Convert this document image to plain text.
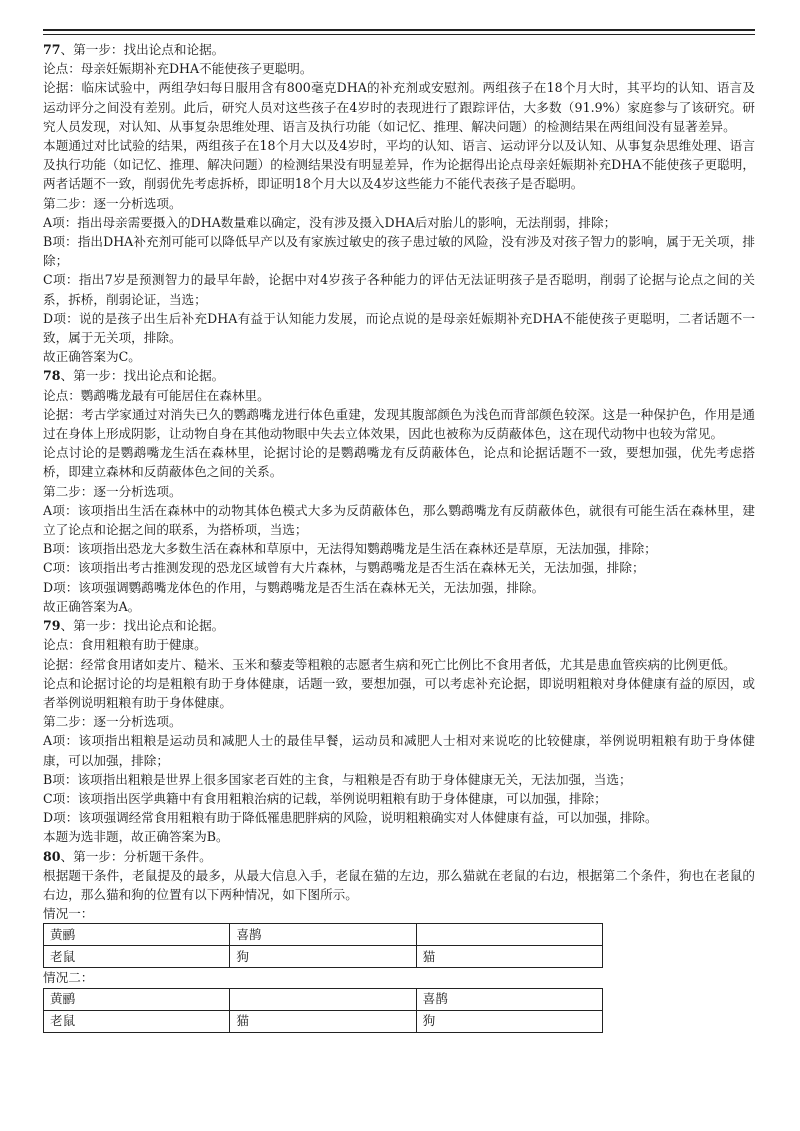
77、第一步：找出论点和论据。

论点：母亲妊娠期补充DHA不能使孩子更聪明。

论据：临床试验中，两组孕妇每日服用含有800毫克DHA的补充剂或安慰剂。两组孩子在18个月大时，其平均的认知、语言及运动评分之间没有差别。此后，研究人员对这些孩子在4岁时的表现进行了跟踪评估，大多数（91.9%）家庭参与了该研究。研究人员发现，对认知、从事复杂思维处理、语言及执行功能（如记忆、推理、解决问题）的检测结果在两组间没有显著差异。

本题通过对比试验的结果，两组孩子在18个月大以及4岁时，平均的认知、语言、运动评分以及认知、从事复杂思维处理、语言及执行功能（如记忆、推理、解决问题）的检测结果没有明显差异，作为论据得出论点母亲妊娠期补充DHA不能使孩子更聪明，两者话题不一致，削弱优先考虑拆桥，即证明18个月大以及4岁这些能力不能代表孩子是否聪明。

第二步：逐一分析选项。

A项：指出母亲需要摄入的DHA数量难以确定，没有涉及摄入DHA后对胎儿的影响，无法削弱，排除；

B项：指出DHA补充剂可能可以降低早产以及有家族过敏史的孩子患过敏的风险，没有涉及对孩子智力的影响，属于无关项，排除；

C项：指出7岁是预测智力的最早年龄，论据中对4岁孩子各种能力的评估无法证明孩子是否聪明，削弱了论据与论点之间的关系，拆桥，削弱论证，当选；

D项：说的是孩子出生后补充DHA有益于认知能力发展，而论点说的是母亲妊娠期补充DHA不能使孩子更聪明，二者话题不一致，属于无关项，排除。

故正确答案为C。

78、第一步：找出论点和论据。

论点：鹦鹉嘴龙最有可能居住在森林里。

论据：考古学家通过对消失已久的鹦鹉嘴龙进行体色重建，发现其腹部颜色为浅色而背部颜色较深。这是一种保护色，作用是通过在身体上形成阴影，让动物自身在其他动物眼中失去立体效果，因此也被称为反荫蔽体色，这在现代动物中也较为常见。

论点讨论的是鹦鹉嘴龙生活在森林里，论据讨论的是鹦鹉嘴龙有反荫蔽体色，论点和论据话题不一致，要想加强，优先考虑搭桥，即建立森林和反荫蔽体色之间的关系。

第二步：逐一分析选项。

A项：该项指出生活在森林中的动物其体色模式大多为反荫蔽体色，那么鹦鹉嘴龙有反荫蔽体色，就很有可能生活在森林里，建立了论点和论据之间的联系，为搭桥项，当选；

B项：该项指出恐龙大多数生活在森林和草原中，无法得知鹦鹉嘴龙是生活在森林还是草原，无法加强，排除；

C项：该项指出考古推测发现的恐龙区域曾有大片森林，与鹦鹉嘴龙是否生活在森林无关，无法加强，排除；

D项：该项强调鹦鹉嘴龙体色的作用，与鹦鹉嘴龙是否生活在森林无关，无法加强，排除。

故正确答案为A。

79、第一步：找出论点和论据。

论点：食用粗粮有助于健康。

论据：经常食用诸如麦片、糙米、玉米和藜麦等粗粮的志愿者生病和死亡比例比不食用者低，尤其是患血管疾病的比例更低。

论点和论据讨论的均是粗粮有助于身体健康，话题一致，要想加强，可以考虑补充论据，即说明粗粮对身体健康有益的原因，或者举例说明粗粮有助于身体健康。

第二步：逐一分析选项。

A项：该项指出粗粮是运动员和减肥人士的最佳早餐，运动员和减肥人士相对来说吃的比较健康，举例说明粗粮有助于身体健康，可以加强，排除；

B项：该项指出粗粮是世界上很多国家老百姓的主食，与粗粮是否有助于身体健康无关，无法加强，当选；

C项：该项指出医学典籍中有食用粗粮治病的记载，举例说明粗粮有助于身体健康，可以加强，排除；

D项：该项强调经常食用粗粮有助于降低罹患肥胖病的风险，说明粗粮确实对人体健康有益，可以加强，排除。

本题为选非题，故正确答案为B。

80、第一步：分析题干条件。

根据题干条件，老鼠提及的最多，从最大信息入手，老鼠在猫的左边，那么猫就在老鼠的右边，根据第二个条件，狗也在老鼠的右边，那么猫和狗的位置有以下两种情况，如下图所示。

情况一：

黄鹂	喜鹊	
老鼠	狗	猫

情况二：

黄鹂		喜鹊
老鼠	猫	狗
